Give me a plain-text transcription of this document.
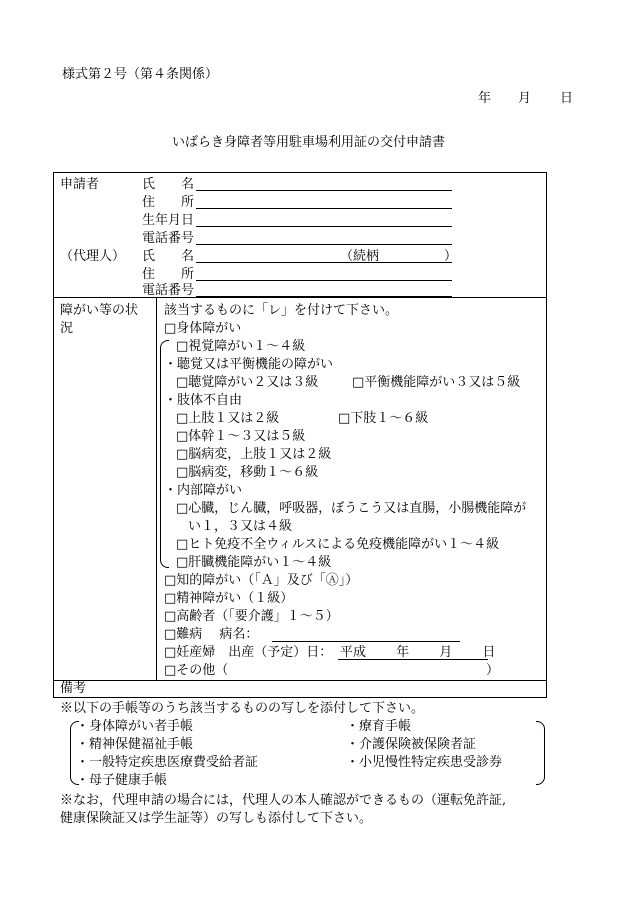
様式第２号（第４条関係）
年 月 日
いばらき身障者等用駐車場利用証の交付申請書
申請者	氏　　名
住　　所
生年月日
電話番号
（代理人） 氏　　名	（続柄　　　　　）
住　　所
電話番号
障がい等の状
況
該当するものに「レ」を付けて下さい。
□身体障がい
□視覚障がい１～４級
・聴覚又は平衡機能の障がい
□聴覚障がい２又は３級	□平衡機能障がい３又は５級
・肢体不自由
□上肢１又は２級	□下肢１～６級
□体幹１～３又は５級
□脳病変，上肢１又は２級
□脳病変，移動１～６級
・内部障がい
□心臓，じん臓，呼吸器，ぼうこう又は直腸，小腸機能障が
い１，３又は４級
□ヒト免疫不全ウィルスによる免疫機能障がい１～４級
□肝臓機能障がい１～４級
□知的障がい（「Ａ」及び「Ⓐ」）
□精神障がい（１級）
□高齢者（「要介護」１～５）
□難病　 病名：
□妊産婦　出産（予定）日： 平成　　 年　　 月　　 日
□その他（	）
備考
※以下の手帳等のうち該当するものの写しを添付して下さい。
・身体障がい者手帳
・精神保健福祉手帳
・一般特定疾患医療費受給者証
・母子健康手帳
・療育手帳
・介護保険被保険者証
・小児慢性特定疾患受診券
※なお，代理申請の場合には，代理人の本人確認ができるもの（運転免許証,
健康保険証又は学生証等）の写しも添付して下さい。
